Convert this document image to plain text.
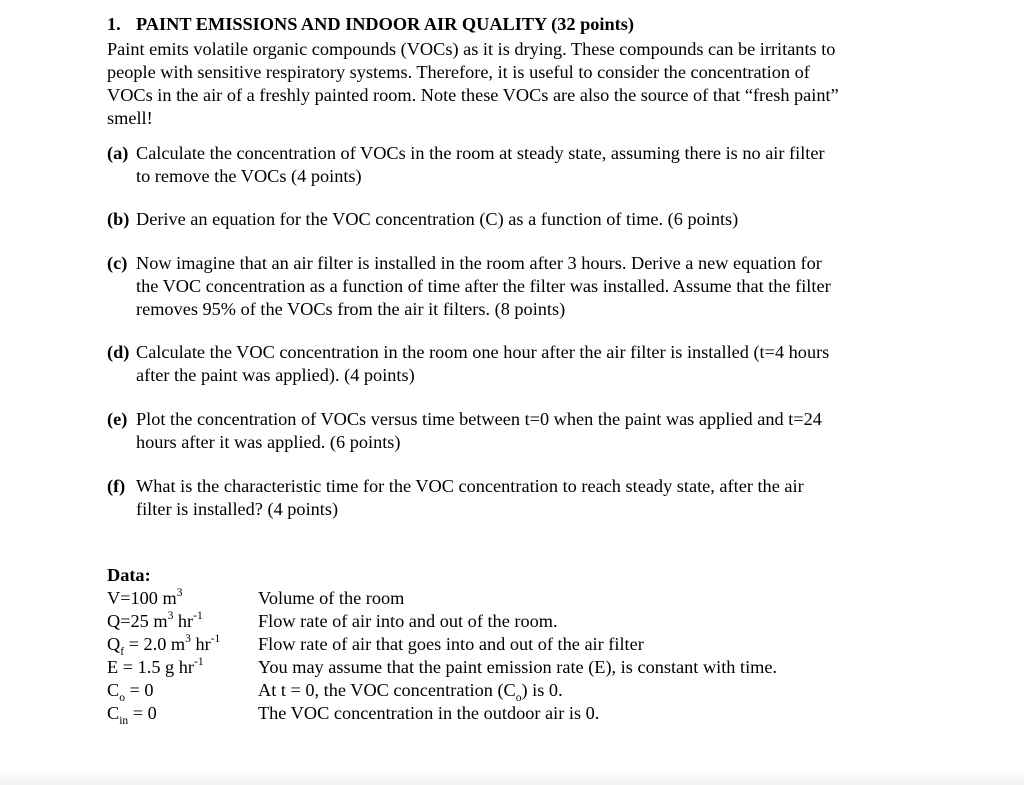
1. PAINT EMISSIONS AND INDOOR AIR QUALITY (32 points)
Paint emits volatile organic compounds (VOCs) as it is drying. These compounds can be irritants to
people with sensitive respiratory systems. Therefore, it is useful to consider the concentration of
VOCs in the air of a freshly painted room. Note these VOCs are also the source of that “fresh paint”
smell!
(a) Calculate the concentration of VOCs in the room at steady state, assuming there is no air filter
to remove the VOCs (4 points)
(b) Derive an equation for the VOC concentration (C) as a function of time. (6 points)
(c) Now imagine that an air filter is installed in the room after 3 hours. Derive a new equation for
the VOC concentration as a function of time after the filter was installed. Assume that the filter
removes 95% of the VOCs from the air it filters. (8 points)
(d) Calculate the VOC concentration in the room one hour after the air filter is installed (t=4 hours
after the paint was applied). (4 points)
(e) Plot the concentration of VOCs versus time between t=0 when the paint was applied and t=24
hours after it was applied. (6 points)
(f) What is the characteristic time for the VOC concentration to reach steady state, after the air
filter is installed? (4 points)
Data:
V=100 $m^3$	Volume of the room
Q=25 $m^3$ $hr^{-1}$	Flow rate of air into and out of the room.
$Q_f = 2.0$ $m^3$ $hr^{-1}$ Flow rate of air that goes into and out of the air filter
E = 1.5 g $hr^{-1}$	You may assume that the paint emission rate (E), is constant with time.
$C_o = 0$	At t = 0, the VOC concentration $(C_o)$ is 0.
$C_{in} = 0$	The VOC concentration in the outdoor air is 0.
